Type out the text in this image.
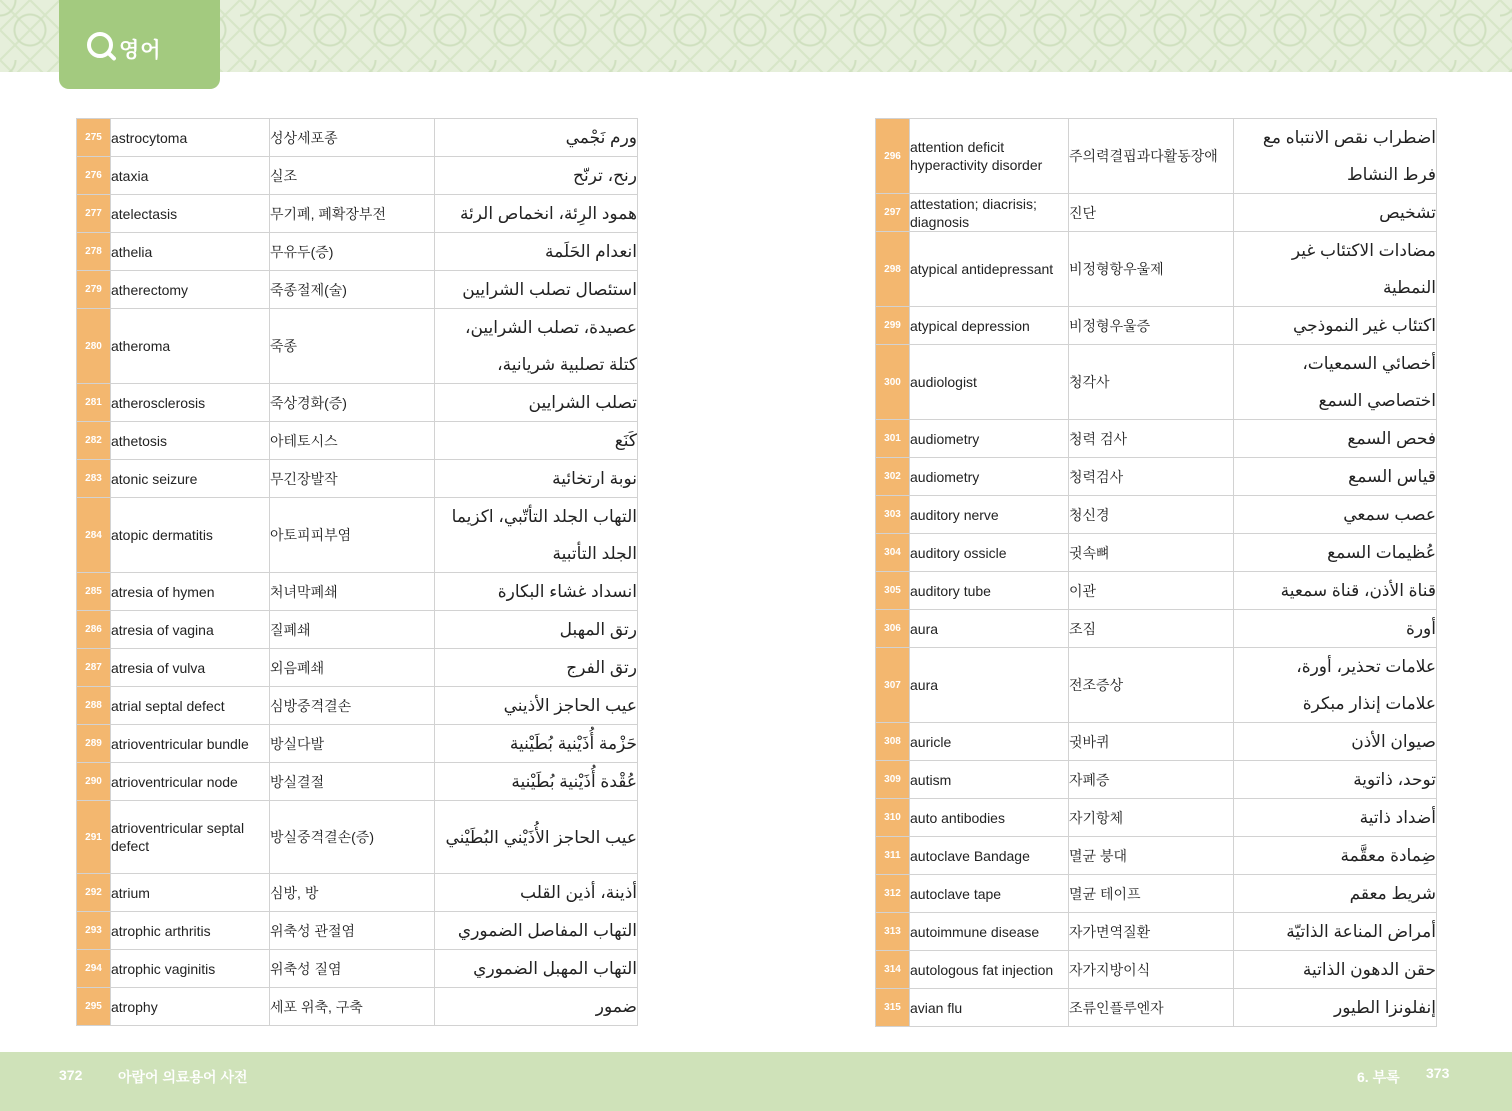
영어
275	astrocytoma	성상세포종	ورم نَجْمي

276	ataxia	실조	رنح، ترنّح

277	atelectasis	무기폐, 폐확장부전	همود الرِئة، انخماص الرئة

278	athelia	무유두(증)	انعدام الحَلَمة

279	atherectomy	죽종절제(술)	استئصال تصلب الشرايين

280	atheroma	죽종	عصيدة، تصلب الشرايين،
كتلة تصلبية شريانية،

281	atherosclerosis	죽상경화(증)	تصلب الشرايين

282	athetosis	아테토시스	كَنَع

283	atonic seizure	무긴장발작	نوبة ارتخائية

284	atopic dermatitis	아토피피부염	التهاب الجلد التأتّبي، اكزيما
الجلد التأتبية

285	atresia of hymen	처녀막폐쇄	انسداد غشاء البكارة

286	atresia of vagina	질폐쇄	رتق المهبل

287	atresia of vulva	외음폐쇄	رتق الفرج

288	atrial septal defect	심방중격결손	عيب الحاجز الأذيني

289	atrioventricular bundle	방실다발	حَزْمة أُذَيْنية بُطَيْنية

290	atrioventricular node	방실결절	عُقْدة أُذَيْنية بُطَيْنية

291	atrioventricular septal defect	방실중격결손(증)	عيب الحاجز الأُذَيْني البُطَيْني

292	atrium	심방, 방	أذينة، أذين القلب

293	atrophic arthritis	위축성 관절염	التهاب المفاصل الضموري

294	atrophic vaginitis	위축성 질염	التهاب المهبل الضموري

295	atrophy	세포 위축, 구축	ضمور
296	attention deficit hyperactivity disorder	주의력결핍과다활동장애	اضطراب نقص الانتباه مع
فرط النشاط

297	attestation; diacrisis; diagnosis	진단	تشخيص

298	atypical antidepressant	비정형항우울제	مضادات الاكتئاب غير
النمطية

299	atypical depression	비정형우울증	اكتئاب غير النموذجي

300	audiologist	청각사	أخصائي السمعيات،
اختصاصي السمع

301	audiometry	청력 검사	فحص السمع

302	audiometry	청력검사	قياس السمع

303	auditory nerve	청신경	عصب سمعي

304	auditory ossicle	귓속뼈	عُظيمات السمع

305	auditory tube	이관	قناة الأذن، قناة سمعية

306	aura	조짐	أورة

307	aura	전조증상	علامات تحذير، أورة،
علامات إنذار مبكرة

308	auricle	귓바퀴	صيوان الأذن

309	autism	자폐증	توحد، ذاتوية

310	auto antibodies	자기항체	أضداد ذاتية

311	autoclave Bandage	멸균 붕대	ضِمادة معقَّمة

312	autoclave tape	멸균 테이프	شريط معقم

313	autoimmune disease	자가면역질환	أمراض المناعة الذاتيّة

314	autologous fat injection	자가지방이식	حقن الدهون الذاتية

315	avian flu	조류인플루엔자	إنفلونزا الطيور
372	아랍어 의료용어 사전	6. 부록 373
